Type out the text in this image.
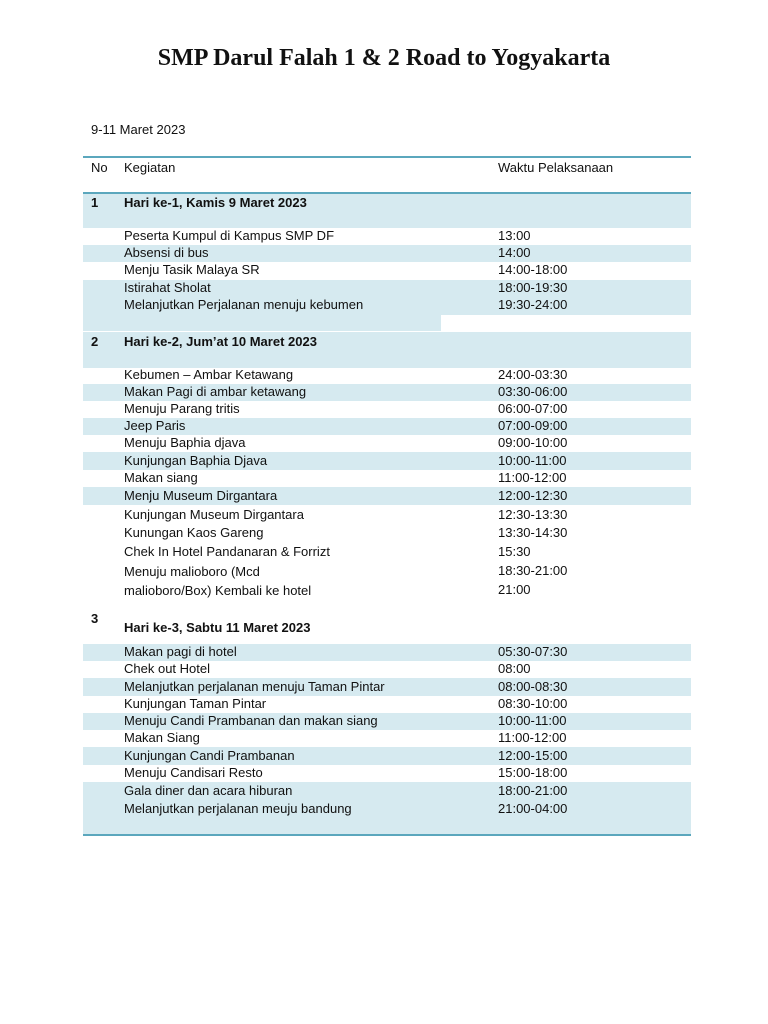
SMP Darul Falah 1 & 2 Road to Yogyakarta
9-11 Maret 2023
No Kegiatan	Waktu Pelaksanaan
1 Hari ke-1, Kamis 9 Maret 2023
Peserta Kumpul di Kampus SMP DF	13:00
Absensi di bus	14:00
Menju Tasik Malaya SR	14:00-18:00
Istirahat Sholat	18:00-19:30
Melanjutkan Perjalanan menuju kebumen	19:30-24:00
2 Hari ke-2, Jum’at 10 Maret 2023
Kebumen – Ambar Ketawang	24:00-03:30
Makan Pagi di ambar ketawang	03:30-06:00
Menuju Parang tritis	06:00-07:00
Jeep Paris	07:00-09:00
Menuju Baphia djava	09:00-10:00
Kunjungan Baphia Djava	10:00-11:00
Makan siang	11:00-12:00
Menju Museum Dirgantara	12:00-12:30
Kunjungan Museum Dirgantara	12:30-13:30
Kunungan Kaos Gareng	13:30-14:30
Chek In Hotel Pandanaran & Forrizt	15:30
Menuju malioboro (Mcd	18:30-21:00
malioboro/Box) Kembali ke hotel	21:00
3
Hari ke-3, Sabtu 11 Maret 2023
Makan pagi di hotel	05:30-07:30
Chek out Hotel	08:00
Melanjutkan perjalanan menuju Taman Pintar	08:00-08:30
Kunjungan Taman Pintar	08:30-10:00
Menuju Candi Prambanan dan makan siang	10:00-11:00
Makan Siang	11:00-12:00
Kunjungan Candi Prambanan	12:00-15:00
Menuju Candisari Resto	15:00-18:00
Gala diner dan acara hiburan	18:00-21:00
Melanjutkan perjalanan meuju bandung	21:00-04:00
